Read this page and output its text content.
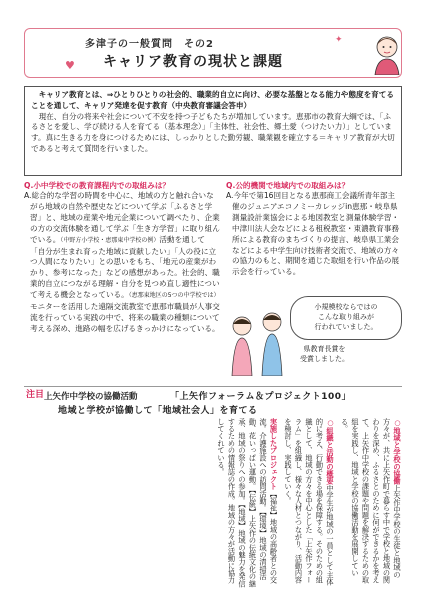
♥
多津子の一般質問　その2
キャリア教育の現状と課題
✦

キャリア教育とは、⇒ひとりひとりの社会的、職業的自立に向け、必要な基盤となる能力や態度を育てることを通して、キャリア発達を促す教育（中央教育審議会答申）

現在、自分の将来や社会について不安を持つ子どもたちが増加しています。恵那市の教育大綱では、「ふるさとを愛し、学び続ける人を育てる（基本理念）」「主体性、社会性、郷土愛（つけたい力）」としています。真に生きる力を身につけるためには、しっかりとした勤労観、職業観を確立する＝キャリア教育が大切であると考えて質問を行いました。

Q.小中学校での教育課程内での取組みは？
A.総合的な学習の時間を中心に、地域の方と触れ合いながら地域の自然や歴史などについて学ぶ「ふるさと学習」と、地域の産業や地元企業について調べたり、企業の方の交流体験を通して学ぶ「生き方学習」に取り組んでいる。（中野方小学校・恵那東中学校の例）活動を通して「自分が生まれ育った地域に貢献したい」「人の役に立つ人間になりたい」との思いをもち、「地元の産業がわかり、参考になった」などの感想があった。社会的、職業的自立につながる理解・自分を見つめ直し適性について考える機会となっている。（恵那東地区の5つの中学校では）モニターを活用した遠隔交流教室で恵那市職員が人事交流を行っている実践の中で、将来の職業の種類について考える深め、進路の幅を広げるきっかけになっている。
Q.公的機関で地域内での取組みは？
A.今年で第16回目となる恵那商工会議所青年部主催のジュニアエコノミーカレッジin恵那・岐阜県測量設計業協会による地図教室と測量体験学習・中津川法人会などによる租税教室・東濃教育事務所による教育のまちづくりの提言、岐阜県工業会などによる中学生向け技術者交流で、地域の方々の協力のもと、期間を通じた取組を行い作品の展示会を行っている。
小規模校ならではの
こんな取り組みが
行われていました。
県教育長賞を
受賞しました。
注目 上矢作中学校の協働活動	「上矢作フォーラム＆プロジェクト100」
地域と学校が協働して「地域社会人」を育てる

○地域と学校の協働上矢作中学校の生徒と地域の方々が、共に上矢作町で暮らす中で学校と地域の関わりを深め、ふるさとのために何ができるかを考えて、上矢作中学校の課題や問題を解決するための取組を実践し、地域と学校の協働活動を展開している。

○組織と活動の概要中学生が地域の一員として主体的に考え、行動できる場を保障する。そのための組織として、地域の方々を中心とした「上矢作フォーラム」を組織し、様々な人材とつながり、活動内容を検討し、実践していく。

実施したプロジェクト【福祉】地域の高齢者との交流。介護施設への訪問活動。【環境】地域の清掃活動、花いっぱい運動。【伝統】上矢作の伝統文化の継承、地域の祭りへの参加。【地域】地域の魅力を発信するための情報誌の作成。地域の方々が活動に協力してくれている。
